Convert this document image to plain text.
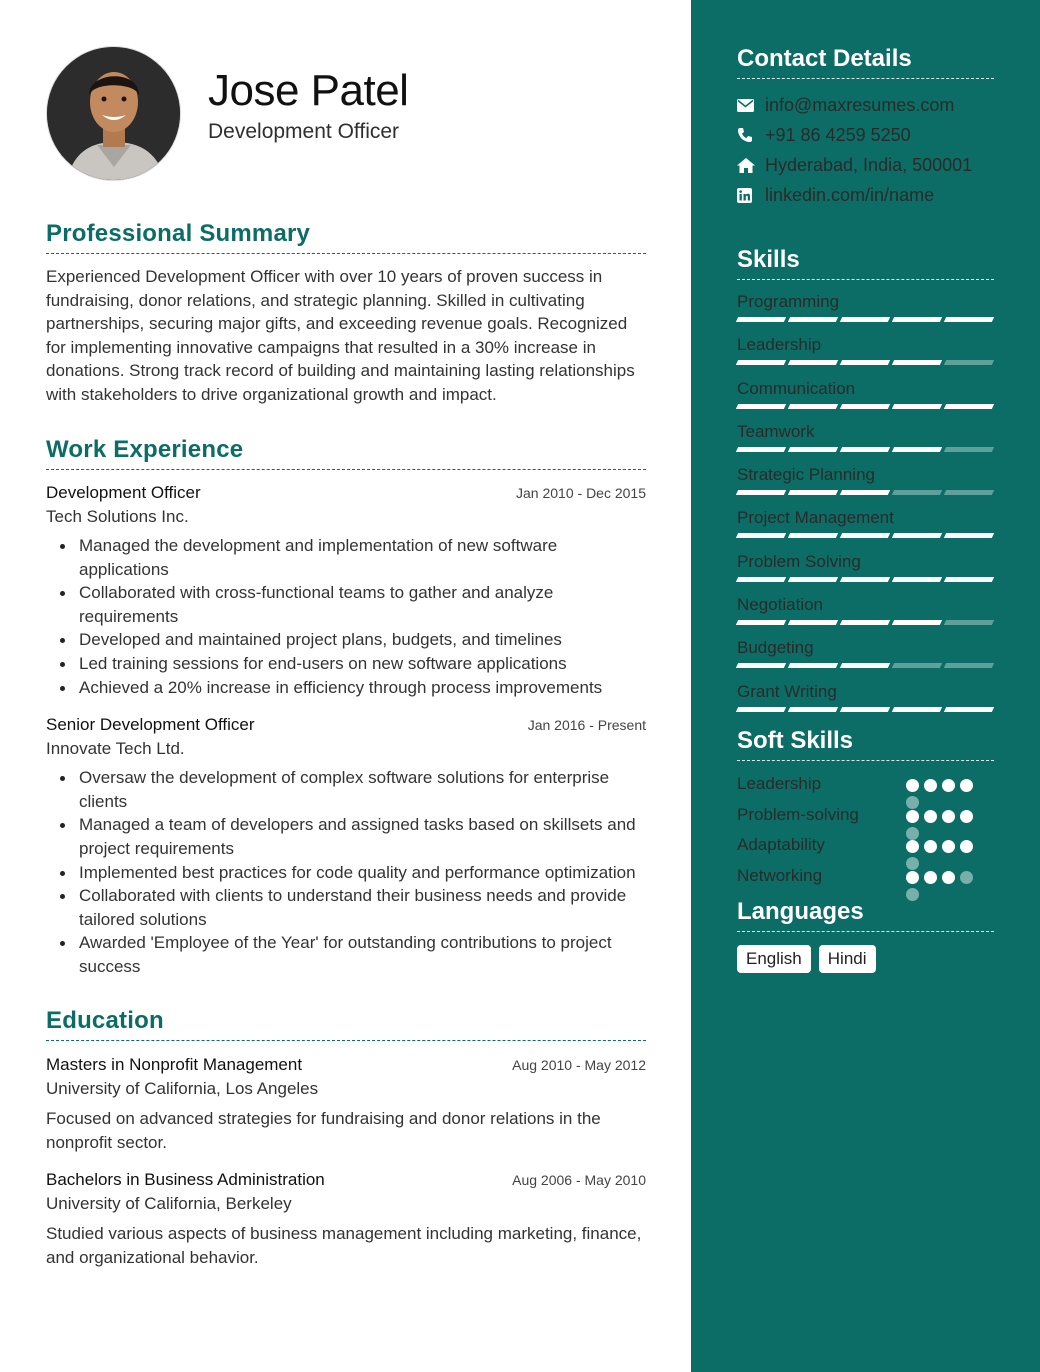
Jose Patel
Development Officer
Professional Summary

Experienced Development Officer with over 10 years of proven success in fundraising, donor relations, and strategic planning. Skilled in cultivating partnerships, securing major gifts, and exceeding revenue goals. Recognized for implementing innovative campaigns that resulted in a 30% increase in donations. Strong track record of building and maintaining lasting relationships with stakeholders to drive organizational growth and impact.

Work Experience
Development Officer	Jan 2010 - Dec 2015
Tech Solutions Inc.
Managed the development and implementation of new software applications
Collaborated with cross-functional teams to gather and analyze requirements
Developed and maintained project plans, budgets, and timelines
Led training sessions for end-users on new software applications
Achieved a 20% increase in efficiency through process improvements
Senior Development Officer	Jan 2016 - Present
Innovate Tech Ltd.
Oversaw the development of complex software solutions for enterprise clients
Managed a team of developers and assigned tasks based on skillsets and project requirements
Implemented best practices for code quality and performance optimization
Collaborated with clients to understand their business needs and provide tailored solutions
Awarded 'Employee of the Year' for outstanding contributions to project success
Education
Masters in Nonprofit Management	Aug 2010 - May 2012
University of California, Los Angeles

Focused on advanced strategies for fundraising and donor relations in the nonprofit sector.

Bachelors in Business Administration	Aug 2006 - May 2010
University of California, Berkeley

Studied various aspects of business management including marketing, finance, and organizational behavior.

Contact Details
info@maxresumes.com
+91 86 4259 5250
Hyderabad, India, 500001
linkedin.com/in/name
Skills
Programming
Leadership
Communication
Teamwork
Strategic Planning
Project Management
Problem Solving
Negotiation
Budgeting
Grant Writing
Soft Skills
Leadership
Problem-solving
Adaptability
Networking
Languages
English	Hindi
